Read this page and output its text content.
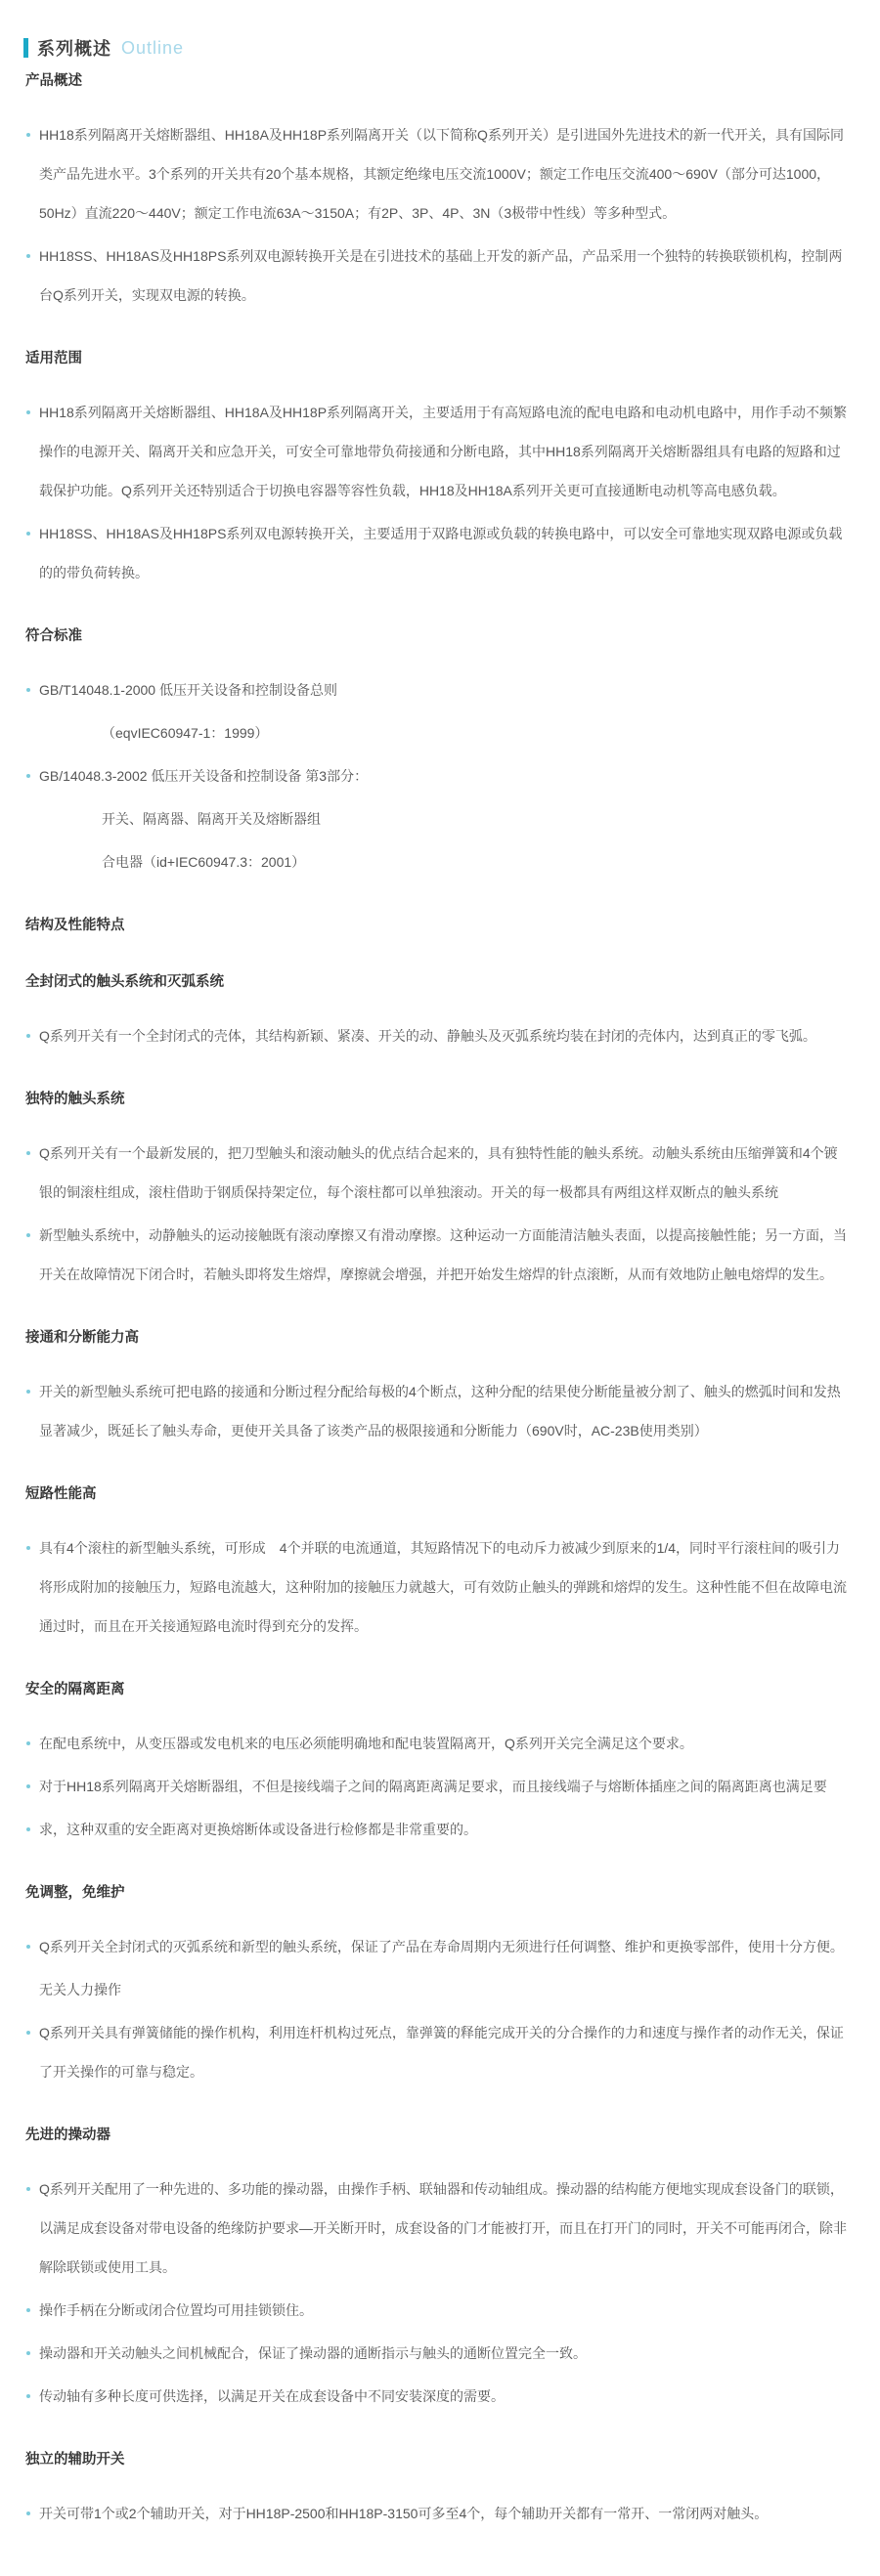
系列概述 Outline
产品概述
HH18系列隔离开关熔断器组、HH18A及HH18P系列隔离开关（以下简称Q系列开关）是引进国外先进技术的新一代开关，具有国际同类产品先进水平。3个系列的开关共有20个基本规格，其额定绝缘电压交流1000V；额定工作电压交流400～690V（部分可达1000，50Hz）直流220～440V；额定工作电流63A～3150A；有2P、3P、4P、3N（3极带中性线）等多种型式。
HH18SS、HH18AS及HH18PS系列双电源转换开关是在引进技术的基础上开发的新产品，产品采用一个独特的转换联锁机构，控制两台Q系列开关，实现双电源的转换。
适用范围
HH18系列隔离开关熔断器组、HH18A及HH18P系列隔离开关，主要适用于有高短路电流的配电电路和电动机电路中，用作手动不频繁操作的电源开关、隔离开关和应急开关，可安全可靠地带负荷接通和分断电路，其中HH18系列隔离开关熔断器组具有电路的短路和过载保护功能。Q系列开关还特别适合于切换电容器等容性负载，HH18及HH18A系列开关更可直接通断电动机等高电感负载。
HH18SS、HH18AS及HH18PS系列双电源转换开关，主要适用于双路电源或负载的转换电路中，可以安全可靠地实现双路电源或负载的的带负荷转换。
符合标准
GB/T14048.1-2000 低压开关设备和控制设备总则
（eqvIEC60947-1：1999）
GB/14048.3-2002 低压开关设备和控制设备 第3部分：
开关、隔离器、隔离开关及熔断器组
合电器（id+IEC60947.3：2001）
结构及性能特点
全封闭式的触头系统和灭弧系统
Q系列开关有一个全封闭式的壳体，其结构新颖、紧凑、开关的动、静触头及灭弧系统均装在封闭的壳体内，达到真正的零飞弧。
独特的触头系统
Q系列开关有一个最新发展的，把刀型触头和滚动触头的优点结合起来的，具有独特性能的触头系统。动触头系统由压缩弹簧和4个镀银的铜滚柱组成，滚柱借助于钢质保持架定位，每个滚柱都可以单独滚动。开关的每一极都具有两组这样双断点的触头系统
新型触头系统中，动静触头的运动接触既有滚动摩擦又有滑动摩擦。这种运动一方面能清洁触头表面，以提高接触性能；另一方面，当开关在故障情况下闭合时，若触头即将发生熔焊，摩擦就会增强，并把开始发生熔焊的针点滚断，从而有效地防止触电熔焊的发生。
接通和分断能力高
开关的新型触头系统可把电路的接通和分断过程分配给每极的4个断点，这种分配的结果使分断能量被分割了、触头的燃弧时间和发热显著减少，既延长了触头寿命，更使开关具备了该类产品的极限接通和分断能力（690V时，AC-23B使用类别）
短路性能高
具有4个滚柱的新型触头系统，可形成　4个并联的电流通道，其短路情况下的电动斥力被减少到原来的1/4，同时平行滚柱间的吸引力将形成附加的接触压力，短路电流越大，这种附加的接触压力就越大，可有效防止触头的弹跳和熔焊的发生。这种性能不但在故障电流通过时，而且在开关接通短路电流时得到充分的发挥。
安全的隔离距离
在配电系统中，从变压器或发电机来的电压必须能明确地和配电装置隔离开，Q系列开关完全满足这个要求。
对于HH18系列隔离开关熔断器组，不但是接线端子之间的隔离距离满足要求，而且接线端子与熔断体插座之间的隔离距离也满足要
求，这种双重的安全距离对更换熔断体或设备进行检修都是非常重要的。
免调整，免维护
Q系列开关全封闭式的灭弧系统和新型的触头系统，保证了产品在寿命周期内无须进行任何调整、维护和更换零部件，使用十分方便。
无关人力操作
Q系列开关具有弹簧储能的操作机构，利用连杆机构过死点，靠弹簧的释能完成开关的分合操作的力和速度与操作者的动作无关，保证了开关操作的可靠与稳定。
先进的操动器
Q系列开关配用了一种先进的、多功能的操动器，由操作手柄、联轴器和传动轴组成。操动器的结构能方便地实现成套设备门的联锁，以满足成套设备对带电设备的绝缘防护要求—开关断开时，成套设备的门才能被打开，而且在打开门的同时，开关不可能再闭合，除非解除联锁或使用工具。
操作手柄在分断或闭合位置均可用挂锁锁住。
操动器和开关动触头之间机械配合，保证了操动器的通断指示与触头的通断位置完全一致。
传动轴有多种长度可供选择，以满足开关在成套设备中不同安装深度的需要。
独立的辅助开关
开关可带1个或2个辅助开关，对于HH18P-2500和HH18P-3150可多至4个，每个辅助开关都有一常开、一常闭两对触头。
